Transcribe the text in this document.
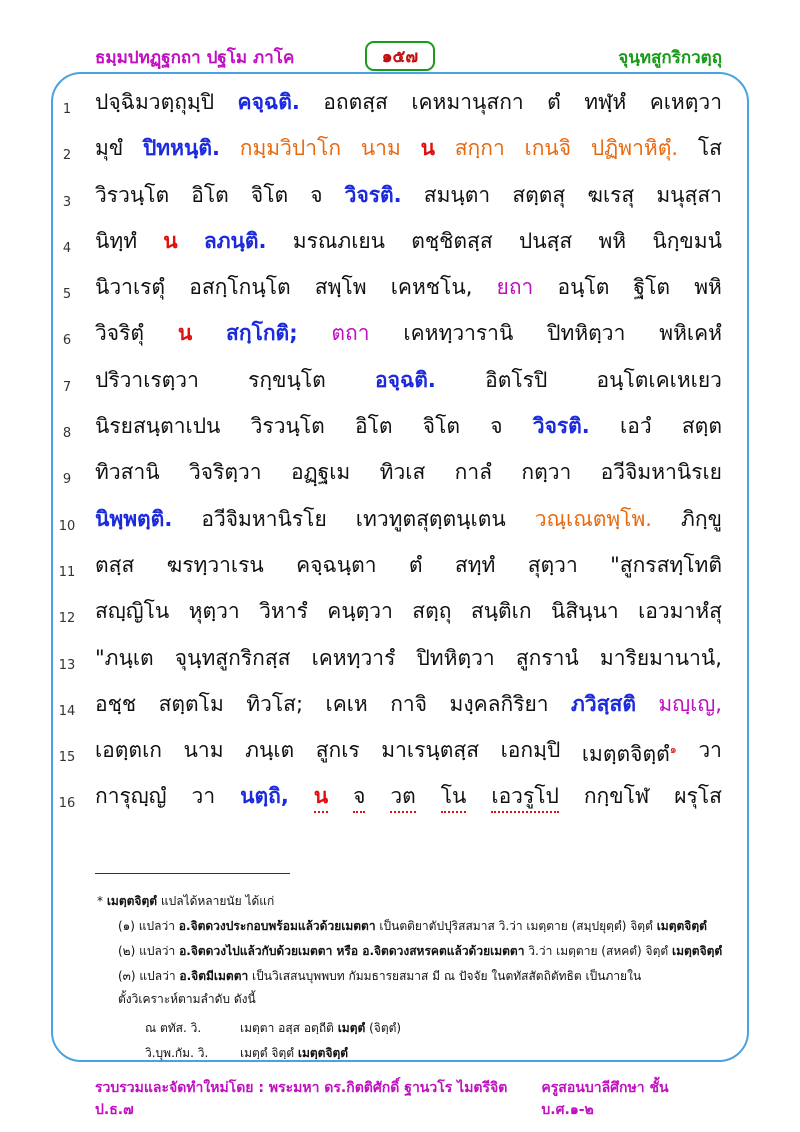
ธมฺมปทฏฺฐกถา ปฐโม ภาโค	๑๕๗	จุนฺทสูกริกวตฺถุ
1	ปจฺฉิมวตฺถุมฺปิ คจฺฉติ. อถตสฺส เคหมานุสกา ตํ ทฬฺหํ คเหตฺวา
2	มุขํ ปิทหนฺติ. กมฺมวิปาโก นาม น สกฺกา เกนจิ ปฏิพาหิตุํ. โส
3	วิรวนฺโต อิโต จิโต จ วิจรติ. สมนฺตา สตฺตสุ ฆเรสุ มนุสฺสา
4	นิทฺทํ น ลภนฺติ. มรณภเยน ตชฺชิตสฺส ปนสฺส พหิ นิกฺขมนํ
5	นิวาเรตุํ อสกฺโกนฺโต สพฺโพ เคหชโน, ยถา อนฺโต ฐิโต พหิ
6	วิจริตุํ น สกฺโกติ; ตถา เคหทฺวารานิ ปิทหิตฺวา พหิเคหํ
7	ปริวาเรตฺวา รกฺขนฺโต อจฺฉติ. อิตโรปิ อนฺโตเคเหเยว
8	นิรยสนฺตาเปน วิรวนฺโต อิโต จิโต จ วิจรติ. เอวํ สตฺต
9	ทิวสานิ วิจริตฺวา อฏฺฐเม ทิวเส กาลํ กตฺวา อวีจิมหานิรเย
10 นิพฺพตฺติ. อวีจิมหานิรโย เทวทูตสุตฺตนฺเตน วณฺเณตพฺโพ. ภิกฺขู
11 ตสฺส ฆรทฺวาเรน คจฺฉนฺตา ตํ สทฺทํ สุตฺวา "สูกรสทฺโทติ
12 สญฺญิโน หุตฺวา วิหารํ คนฺตฺวา สตฺถุ สนฺติเก นิสินฺนา เอวมาหํสุ
13 "ภนฺเต จุนฺทสูกริกสฺส เคหทฺวารํ ปิทหิตฺวา สูกรานํ มาริยมานานํ,
14 อชฺช สตฺตโม ทิวโส; เคเห กาจิ มงฺคลกิริยา ภวิสฺสติ มญฺเญ,
15 เอตฺตเก นาม ภนฺเต สูกเร มาเรนฺตสฺส เอกมฺปิ เมตฺตจิตฺตํ$^๑$ วา
16 การุญฺญํ วา นตฺถิ, น จ วต โน เอวรูโป กกฺขโฬ ผรุโส
* เมตฺตจิตฺตํ แปลได้หลายนัย ได้แก่
(๑) แปลว่า อ.จิตดวงประกอบพร้อมแล้วด้วยเมตตา เป็นตติยาตัปปุริสสมาส วิ.ว่า เมตฺตาย (สมฺปยุตฺตํ) จิตฺตํ เมตฺตจิตฺตํ
(๒) แปลว่า อ.จิตดวงไปแล้วกับด้วยเมตตา หรือ อ.จิตดวงสหรคตแล้วด้วยเมตตา วิ.ว่า เมตฺตาย (สหคตํ) จิตฺตํ เมตฺตจิตฺตํ
(๓) แปลว่า อ.จิตมีเมตตา เป็นวิเสสนบุพพบท กัมมธารยสมาส มี ณ ปัจจัย ในตทัสสัตถิตัทธิต เป็นภายใน
ตั้งวิเคราะห์ตามลำดับ ดังนี้
ณ ตทัส. วิ.	เมตฺตา อสฺส อตฺถีติ เมตฺตํ (จิตฺตํ)
วิ.บุพ.กัม. วิ.	เมตฺตํ จิตฺตํ เมตฺตจิตฺตํ
รวบรวมและจัดทำใหม่โดย : พระมหา ดร.กิตติศักดิ์ ฐานวโร ไมตรีจิต ป.ธ.๗
ครูสอนบาลีศึกษา ชั้น บ.ศ.๑-๒
